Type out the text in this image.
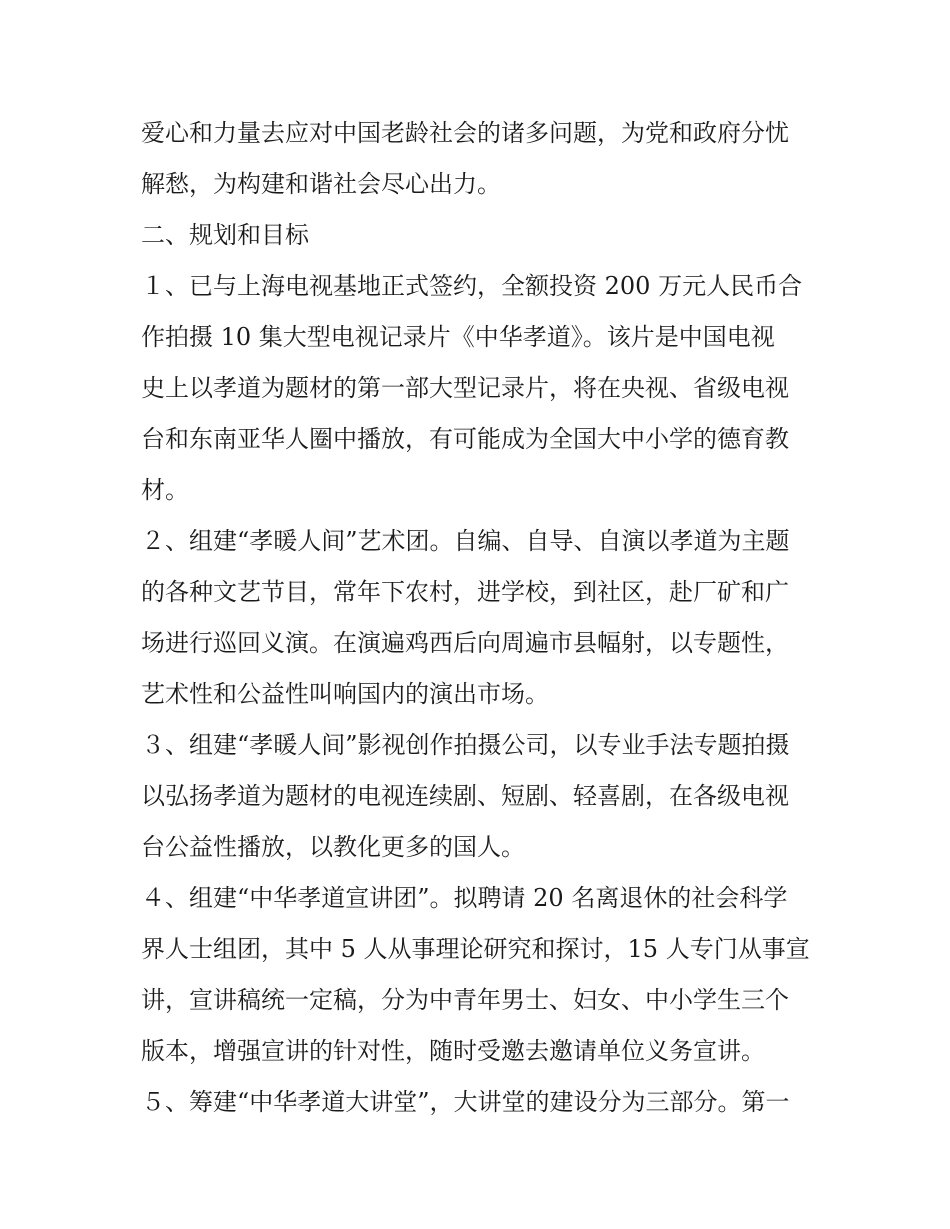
爱心和力量去应对中国老龄社会的诸多问题，为党和政府分忧
解愁，为构建和谐社会尽心出力。
二、规划和目标
１、已与上海电视基地正式签约，全额投资 200 万元人民币合
作拍摄 10 集大型电视记录片《中华孝道》。该片是中国电视
史上以孝道为题材的第一部大型记录片，将在央视、省级电视
台和东南亚华人圈中播放，有可能成为全国大中小学的德育教
材。
２、组建“孝暖人间”艺术团。自编、自导、自演以孝道为主题
的各种文艺节目，常年下农村，进学校，到社区，赴厂矿和广
场进行巡回义演。在演遍鸡西后向周遍市县幅射，以专题性，
艺术性和公益性叫响国内的演出市场。
３、组建“孝暖人间”影视创作拍摄公司，以专业手法专题拍摄
以弘扬孝道为题材的电视连续剧、短剧、轻喜剧，在各级电视
台公益性播放，以教化更多的国人。
４、组建“中华孝道宣讲团”。拟聘请 20 名离退休的社会科学
界人士组团，其中 5 人从事理论研究和探讨，15 人专门从事宣
讲，宣讲稿统一定稿，分为中青年男士、妇女、中小学生三个
版本，增强宣讲的针对性，随时受邀去邀请单位义务宣讲。
５、筹建“中华孝道大讲堂”，大讲堂的建设分为三部分。第一
